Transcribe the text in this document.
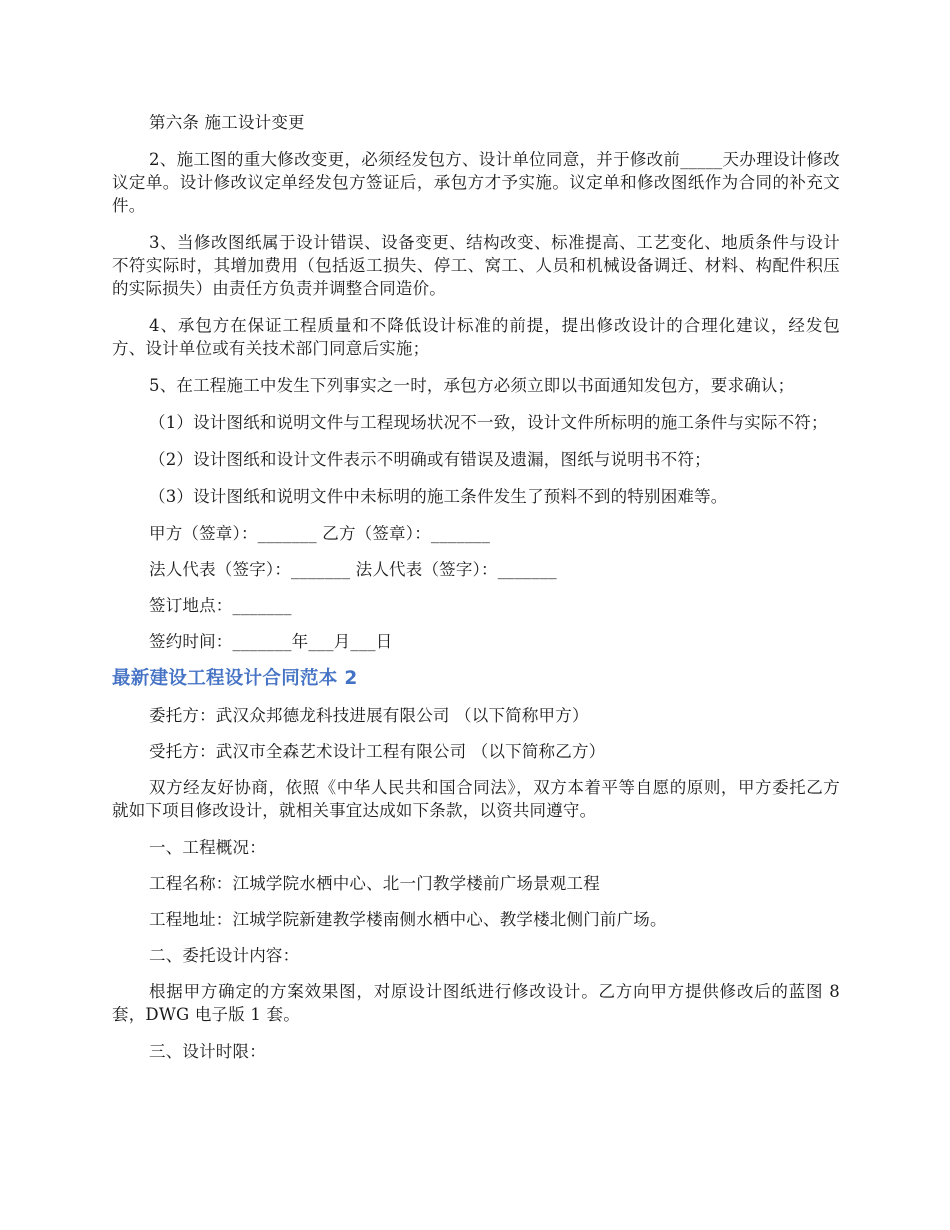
第六条 施工设计变更

2、施工图的重大修改变更，必须经发包方、设计单位同意，并于修改前_____天办理设计修改议定单。设计修改议定单经发包方签证后，承包方才予实施。议定单和修改图纸作为合同的补充文件。

3、当修改图纸属于设计错误、设备变更、结构改变、标准提高、工艺变化、地质条件与设计不符实际时，其增加费用（包括返工损失、停工、窝工、人员和机械设备调迁、材料、构配件积压的实际损失）由责任方负责并调整合同造价。

4、承包方在保证工程质量和不降低设计标准的前提，提出修改设计的合理化建议，经发包方、设计单位或有关技术部门同意后实施；

5、在工程施工中发生下列事实之一时，承包方必须立即以书面通知发包方，要求确认；

（1）设计图纸和说明文件与工程现场状况不一致，设计文件所标明的施工条件与实际不符；

（2）设计图纸和设计文件表示不明确或有错误及遗漏，图纸与说明书不符；

（3）设计图纸和说明文件中未标明的施工条件发生了预料不到的特别困难等。

甲方（签章）：_______ 乙方（签章）：_______

法人代表（签字）：_______ 法人代表（签字）：_______

签订地点：_______

签约时间：_______年___月___日

最新建设工程设计合同范本 2

委托方：武汉众邦德龙科技进展有限公司 （以下简称甲方）

受托方：武汉市全森艺术设计工程有限公司 （以下简称乙方）

双方经友好协商，依照《中华人民共和国合同法》，双方本着平等自愿的原则，甲方委托乙方就如下项目修改设计，就相关事宜达成如下条款，以资共同遵守。

一、工程概况：

工程名称：江城学院水栖中心、北一门教学楼前广场景观工程

工程地址：江城学院新建教学楼南侧水栖中心、教学楼北侧门前广场。

二、委托设计内容：

根据甲方确定的方案效果图，对原设计图纸进行修改设计。乙方向甲方提供修改后的蓝图 8 套，DWG 电子版 1 套。

三、设计时限：
